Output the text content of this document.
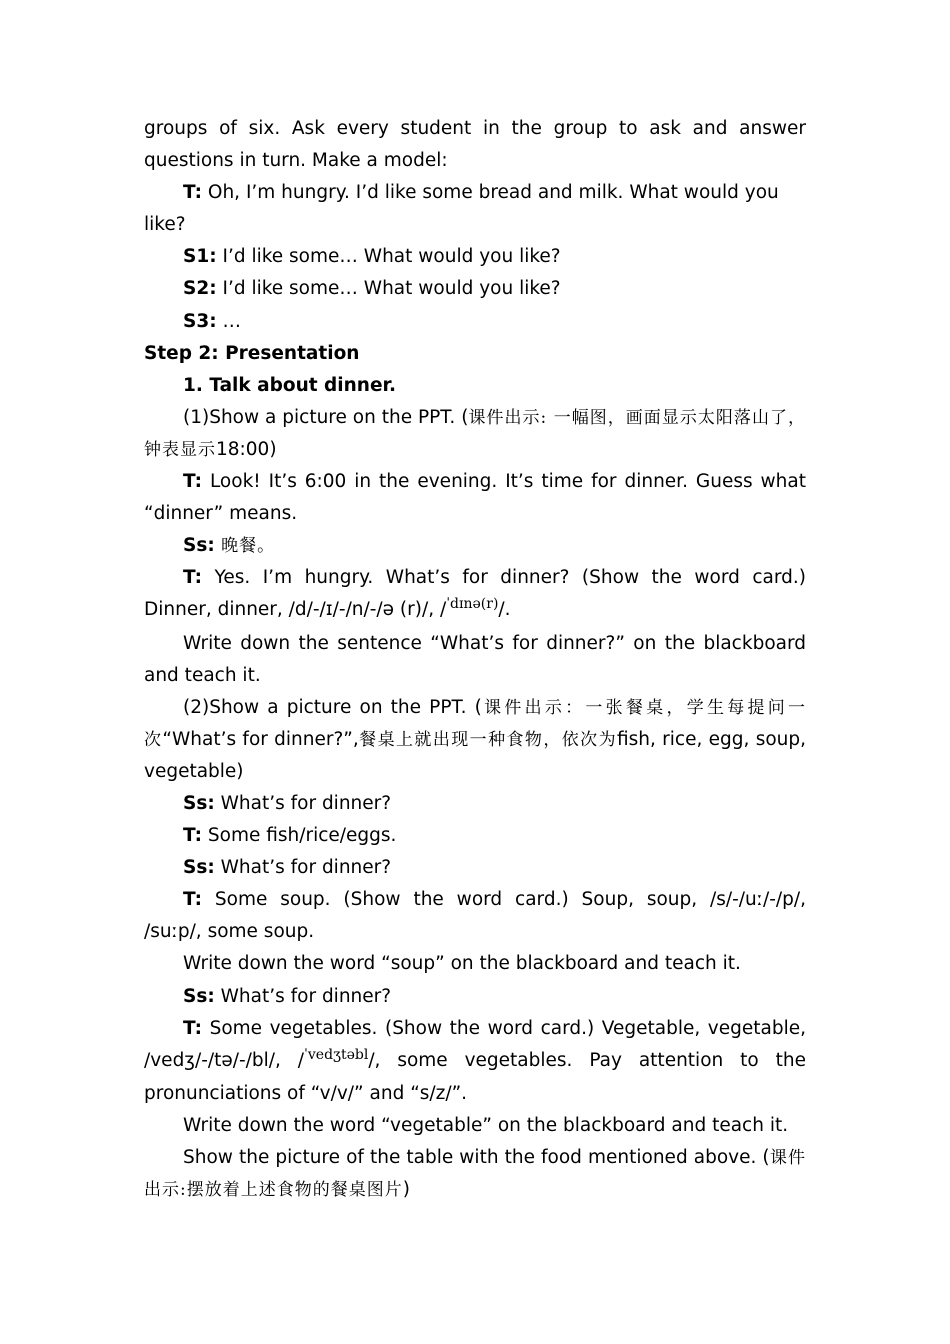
groups of six. Ask every student in the group to ask and answer questions in turn. Make a model:

T: Oh, I’m hungry. I’d like some bread and milk. What would you like?

S1: I’d like some… What would you like?

S2: I’d like some… What would you like?

S3: …

Step 2: Presentation

1. Talk about dinner.

(1)Show a picture on the PPT. (课件出示: 一幅图，画面显示太阳落山了，钟表显示18:00)

T: Look! It’s 6:00 in the evening. It’s time for dinner. Guess what “dinner” means.

Ss: 晚餐。

T: Yes. I’m hungry. What’s for dinner? (Show the word card.) Dinner, dinner, /d/-/ɪ/-/n/-/ə (r)/, /$^{ˈdɪnə(r)}$/.

Write down the sentence “What’s for dinner?” on the blackboard and teach it.

(2)Show a picture on the PPT. (课件出示：一张餐桌，学生每提问一次“What’s for dinner?”,餐桌上就出现一种食物，依次为fish, rice, egg, soup, vegetable)

Ss: What’s for dinner?

T: Some fish/rice/eggs.

Ss: What’s for dinner?

T: Some soup. (Show the word card.) Soup, soup, /s/-/uː/-/p/, /suːp/, some soup.

Write down the word “soup” on the blackboard and teach it.

Ss: What’s for dinner?

T: Some vegetables. (Show the word card.) Vegetable, vegetable, /vedʒ/-/tə/-/bl/, /$^{ˈvedʒtəbl}$/, some vegetables. Pay attention to the pronunciations of “v/v/” and “s/z/”.

Write down the word “vegetable” on the blackboard and teach it.

Show the picture of the table with the food mentioned above. (课件出示:摆放着上述食物的餐桌图片)
